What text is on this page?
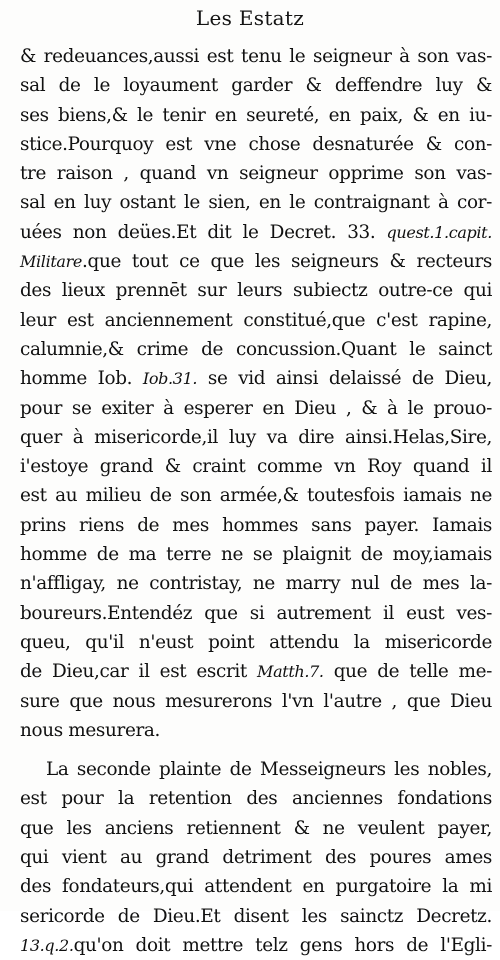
Les Estatz
& redeuances,aussi est tenu le seigneur à son vas-
sal de le loyaument garder & deffendre luy &
ses biens,& le tenir en seureté, en paix, & en iu-
stice.Pourquoy est vne chose desnaturée & con-
tre raison , quand vn seigneur opprime son vas-
sal en luy ostant le sien, en le contraignant à cor-
uées non deües.Et dit le Decret. 33. quest.1.capit.
Militare.que tout ce que les seigneurs & recteurs
des lieux prennēt sur leurs subiectz outre-ce qui
leur est anciennement constitué,que c'est rapine,
calumnie,& crime de concussion.Quant le sainct
homme Iob. Iob.31. se vid ainsi delaissé de Dieu,
pour se exiter à esperer en Dieu , & à le prouo-
quer à misericorde,il luy va dire ainsi.Helas,Sire,
i'estoye grand & craint comme vn Roy quand il
est au milieu de son armée,& toutesfois iamais ne
prins riens de mes hommes sans payer. Iamais
homme de ma terre ne se plaignit de moy,iamais
n'affligay, ne contristay, ne marry nul de mes la-
boureurs.Entendéz que si autrement il eust ves-
queu, qu'il n'eust point attendu la misericorde
de Dieu,car il est escrit Matth.7. que de telle me-
sure que nous mesurerons l'vn l'autre , que Dieu
nous mesurera.
La seconde plainte de Messeigneurs les nobles,
est pour la retention des anciennes fondations
que les anciens retiennent & ne veulent payer,
qui vient au grand detriment des poures ames
des fondateurs,qui attendent en purgatoire la mi
sericorde de Dieu.Et disent les sainctz Decretz.
13.q.2.qu'on doit mettre telz gens hors de l'Egli-
